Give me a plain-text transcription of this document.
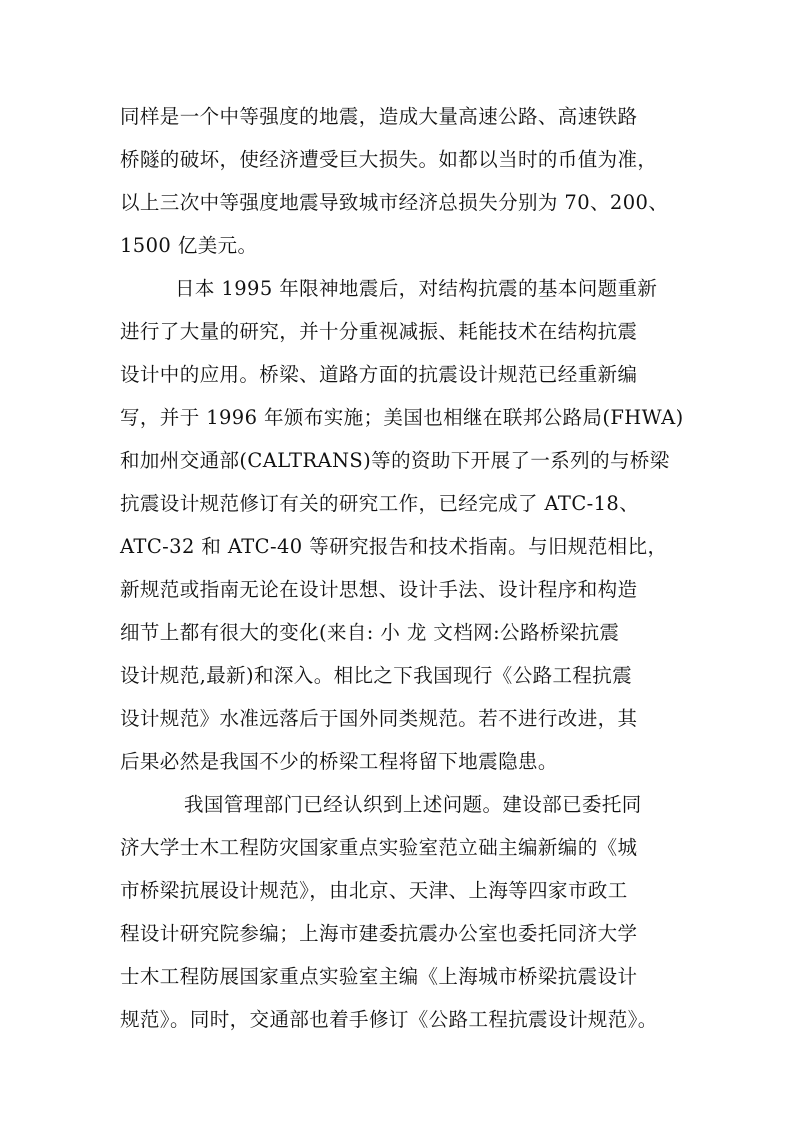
同样是一个中等强度的地震，造成大量高速公路、高速铁路
桥隧的破坏，使经济遭受巨大损失。如都以当时的币值为准，
以上三次中等强度地震导致城市经济总损失分别为 70、200、
1500 亿美元。
日本 1995 年限神地震后，对结构抗震的基本问题重新
进行了大量的研究，并十分重视减振、耗能技术在结构抗震
设计中的应用。桥梁、道路方面的抗震设计规范已经重新编
写，并于 1996 年颁布实施；美国也相继在联邦公路局(FHWA)
和加州交通部(CALTRANS)等的资助下开展了一系列的与桥梁
抗震设计规范修订有关的研究工作，已经完成了 ATC-18、
ATC-32 和 ATC-40 等研究报告和技术指南。与旧规范相比，
新规范或指南无论在设计思想、设计手法、设计程序和构造
细节上都有很大的变化(来自: 小 龙 文档网:公路桥梁抗震
设计规范,最新)和深入。相比之下我国现行《公路工程抗震
设计规范》水准远落后于国外同类规范。若不进行改进，其
后果必然是我国不少的桥梁工程将留下地震隐患。
我国管理部门已经认织到上述问题。建设部已委托同
济大学士木工程防灾国家重点实验室范立础主编新编的《城
市桥梁抗展设计规范》，由北京、天津、上海等四家市政工
程设计研究院参编；上海市建委抗震办公室也委托同济大学
士木工程防展国家重点实验室主编《上海城市桥梁抗震设计
规范》。同时，交通部也着手修订《公路工程抗震设计规范》。
